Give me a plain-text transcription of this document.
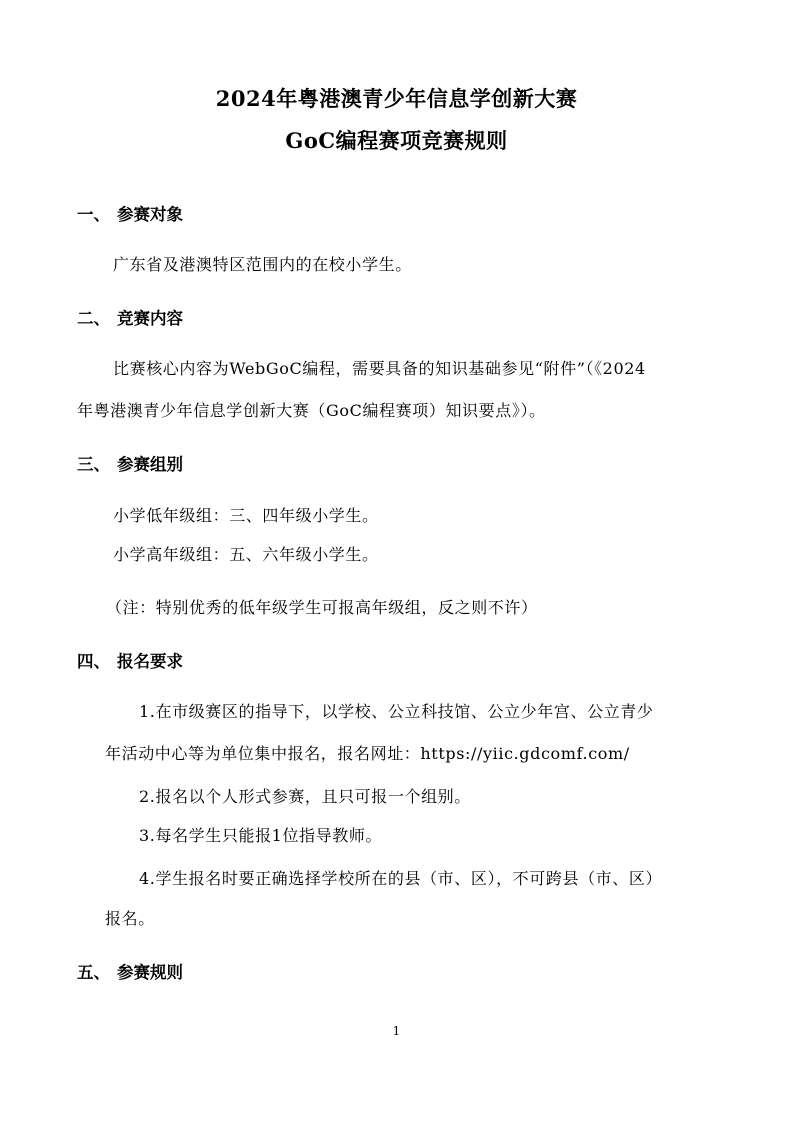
2024年粤港澳青少年信息学创新大赛
GoC编程赛项竞赛规则
一、 参赛对象
广东省及港澳特区范围内的在校小学生。
二、 竞赛内容
比赛核心内容为WebGoC编程，需要具备的知识基础参见“附件”（《2024
年粤港澳青少年信息学创新大赛（GoC编程赛项）知识要点》）。
三、 参赛组别
小学低年级组：三、四年级小学生。
小学高年级组：五、六年级小学生。
（注：特别优秀的低年级学生可报高年级组，反之则不许）
四、 报名要求
1.在市级赛区的指导下，以学校、公立科技馆、公立少年宫、公立青少
年活动中心等为单位集中报名，报名网址：https://yiic.gdcomf.com/
2.报名以个人形式参赛，且只可报一个组别。
3.每名学生只能报1位指导教师。
4.学生报名时要正确选择学校所在的县（市、区），不可跨县（市、区）
报名。
五、 参赛规则
1
